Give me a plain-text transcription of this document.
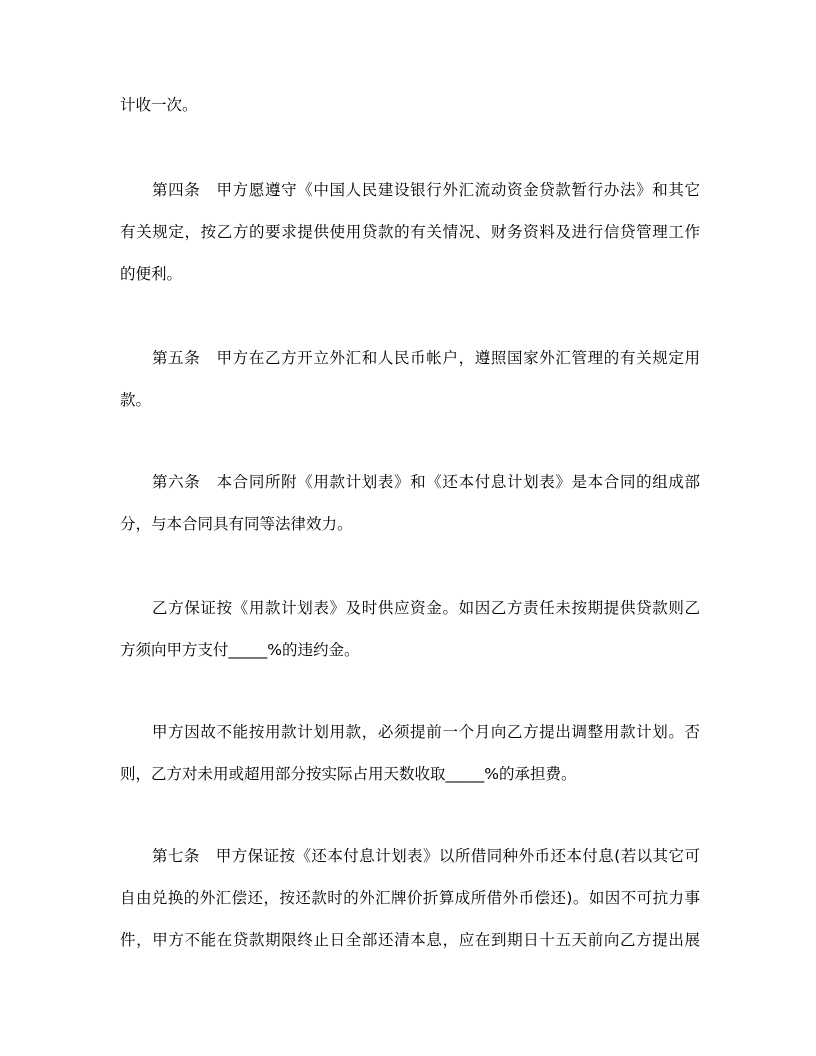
计收一次。
第四条　甲方愿遵守《中国人民建设银行外汇流动资金贷款暂行办法》和其它
有关规定，按乙方的要求提供使用贷款的有关情况、财务资料及进行信贷管理工作
的便利。
第五条　甲方在乙方开立外汇和人民币帐户，遵照国家外汇管理的有关规定用
款。
第六条　本合同所附《用款计划表》和《还本付息计划表》是本合同的组成部
分，与本合同具有同等法律效力。
乙方保证按《用款计划表》及时供应资金。如因乙方责任未按期提供贷款则乙
方须向甲方支付_____%的违约金。
甲方因故不能按用款计划用款，必须提前一个月向乙方提出调整用款计划。否
则，乙方对未用或超用部分按实际占用天数收取_____%的承担费。
第七条　甲方保证按《还本付息计划表》以所借同种外币还本付息(若以其它可
自由兑换的外汇偿还，按还款时的外汇牌价折算成所借外币偿还)。如因不可抗力事
件，甲方不能在贷款期限终止日全部还清本息，应在到期日十五天前向乙方提出展
